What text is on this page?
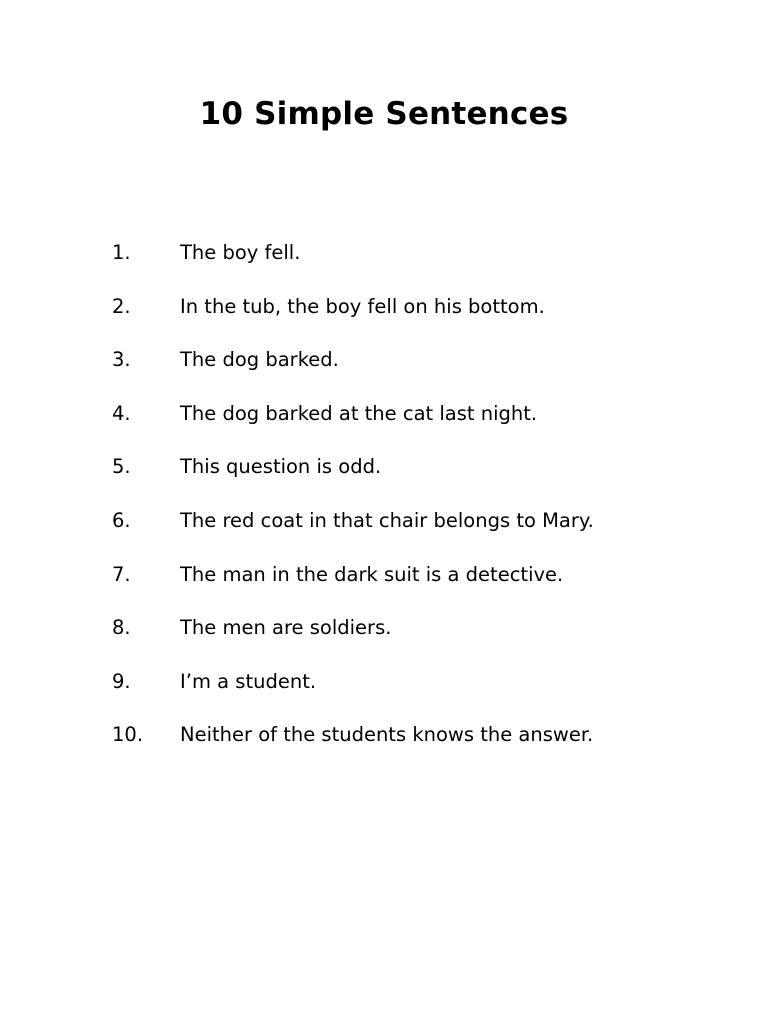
10 Simple Sentences
1.	The boy fell.
2.	In the tub, the boy fell on his bottom.
3.	The dog barked.
4.	The dog barked at the cat last night.
5.	This question is odd.
6.	The red coat in that chair belongs to Mary.
7.	The man in the dark suit is a detective.
8.	The men are soldiers.
9.	I’m a student.
10.	Neither of the students knows the answer.
